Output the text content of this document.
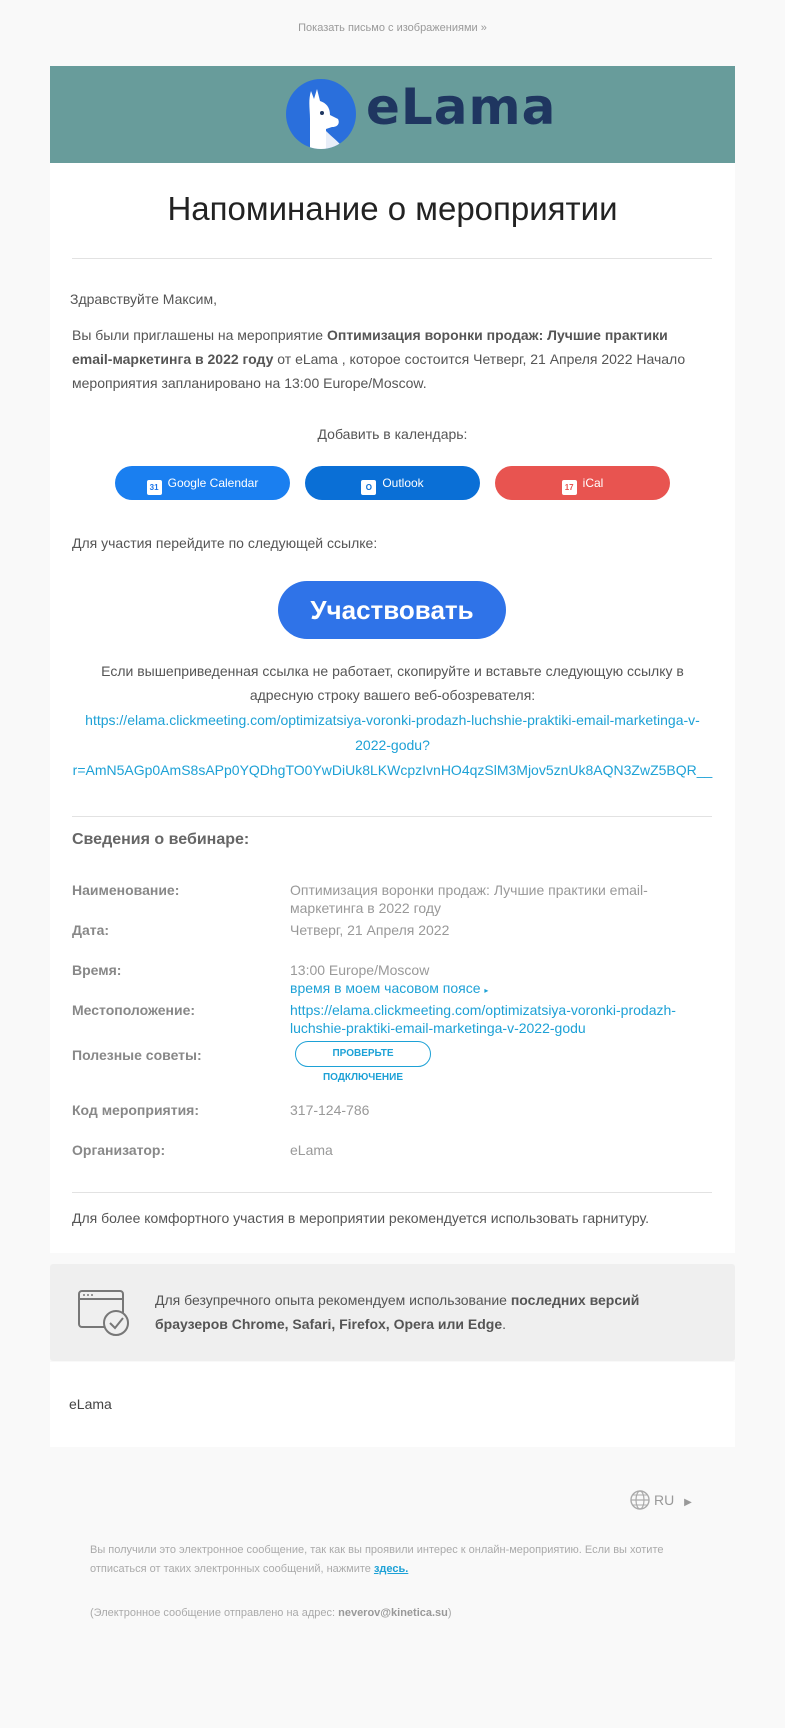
Показать письмо с изображениями »
eLama
Напоминание о мероприятии
Здравствуйте Максим,
Вы были приглашены на мероприятие Оптимизация воронки продаж: Лучшие практики email-маркетинга в 2022 году от eLama , которое состоится Четверг, 21 Апреля 2022 Начало мероприятия запланировано на 13:00 Europe/Moscow.
Добавить в календарь:
31 Google Calendar	O Outlook	17 iCal
Для участия перейдите по следующей ссылке:
Участвовать
Если вышеприведенная ссылка не работает, скопируйте и вставьте следующую ссылку в адресную строку вашего веб-обозревателя:
https://elama.clickmeeting.com/optimizatsiya-voronki-prodazh-luchshie-praktiki-email-marketinga-v-
2022-godu?
r=AmN5AGp0AmS8sAPp0YQDhgTO0YwDiUk8LKWcpzIvnHO4qzSlM3Mjov5znUk8AQN3ZwZ5BQR__
Сведения о вебинаре:
Наименование:	Оптимизация воронки продаж: Лучшие практики email-маркетинга в 2022 году
Дата:	Четверг, 21 Апреля 2022
Время:	13:00 Europe/Moscow
время в моем часовом поясе ▸
Местоположение:	https://elama.clickmeeting.com/optimizatsiya-voronki-prodazh-luchshie-praktiki-email-marketinga-v-2022-godu
Полезные советы:	ПРОВЕРЬТЕ ПОДКЛЮЧЕНИЕ
Код мероприятия:	317-124-786
Организатор:	eLama
Для более комфортного участия в мероприятии рекомендуется использовать гарнитуру.
Для безупречного опыта рекомендуем использование последних версий браузеров Chrome, Safari, Firefox, Opera или Edge.
eLama
RU ▶
Вы получили это электронное сообщение, так как вы проявили интерес к онлайн-мероприятию. Если вы хотите отписаться от таких электронных сообщений, нажмите здесь.
(Электронное сообщение отправлено на адрес: neverov@kinetica.su)
